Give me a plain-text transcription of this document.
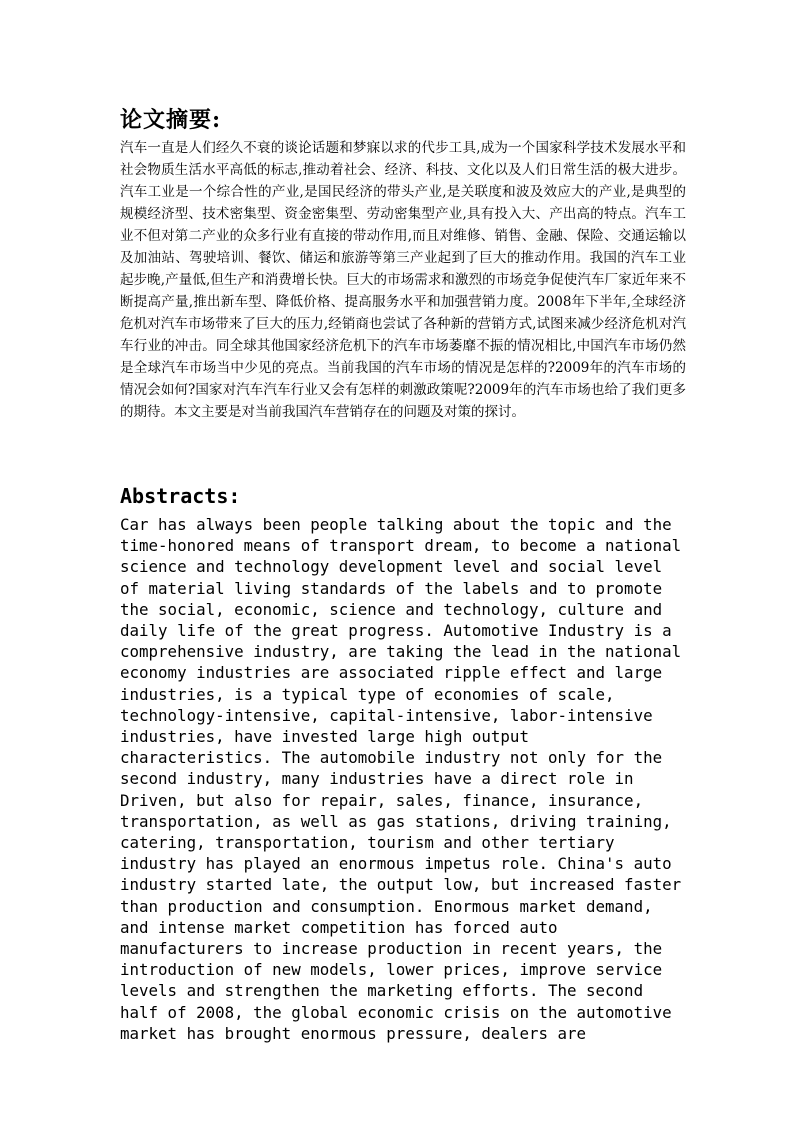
论文摘要:

汽车一直是人们经久不衰的谈论话题和梦寐以求的代步工具,成为一个国家科学技术发展水平和社会物质生活水平高低的标志,推动着社会、经济、科技、文化以及人们日常生活的极大进步。汽车工业是一个综合性的产业,是国民经济的带头产业,是关联度和波及效应大的产业,是典型的规模经济型、技术密集型、资金密集型、劳动密集型产业,具有投入大、产出高的特点。汽车工业不但对第二产业的众多行业有直接的带动作用,而且对维修、销售、金融、保险、交通运输以及加油站、驾驶培训、餐饮、储运和旅游等第三产业起到了巨大的推动作用。我国的汽车工业起步晚,产量低,但生产和消费增长快。巨大的市场需求和激烈的市场竞争促使汽车厂家近年来不断提高产量,推出新车型、降低价格、提高服务水平和加强营销力度。2008年下半年,全球经济危机对汽车市场带来了巨大的压力,经销商也尝试了各种新的营销方式,试图来减少经济危机对汽车行业的冲击。同全球其他国家经济危机下的汽车市场萎靡不振的情况相比,中国汽车市场仍然是全球汽车市场当中少见的亮点。当前我国的汽车市场的情况是怎样的?2009年的汽车市场的情况会如何?国家对汽车汽车行业又会有怎样的刺激政策呢?2009年的汽车市场也给了我们更多的期待。本文主要是对当前我国汽车营销存在的问题及对策的探讨。

Abstracts:

Car has always been people talking about the topic and the time-honored means of transport dream, to become a national science and technology development level and social level of material living standards of the labels and to promote the social, economic, science and technology, culture and daily life of the great progress. Automotive Industry is a comprehensive industry, are taking the lead in the national economy industries are associated ripple effect and large industries, is a typical type of economies of scale, technology-intensive, capital-intensive, labor-intensive industries, have invested large high output characteristics. The automobile industry not only for the second industry, many industries have a direct role in Driven, but also for repair, sales, finance, insurance, transportation, as well as gas stations, driving training, catering, transportation, tourism and other tertiary industry has played an enormous impetus role. China's auto industry started late, the output low, but increased faster than production and consumption. Enormous market demand, and intense market competition has forced auto manufacturers to increase production in recent years, the introduction of new models, lower prices, improve service levels and strengthen the marketing efforts. The second half of 2008, the global economic crisis on the automotive market has brought enormous pressure, dealers are
